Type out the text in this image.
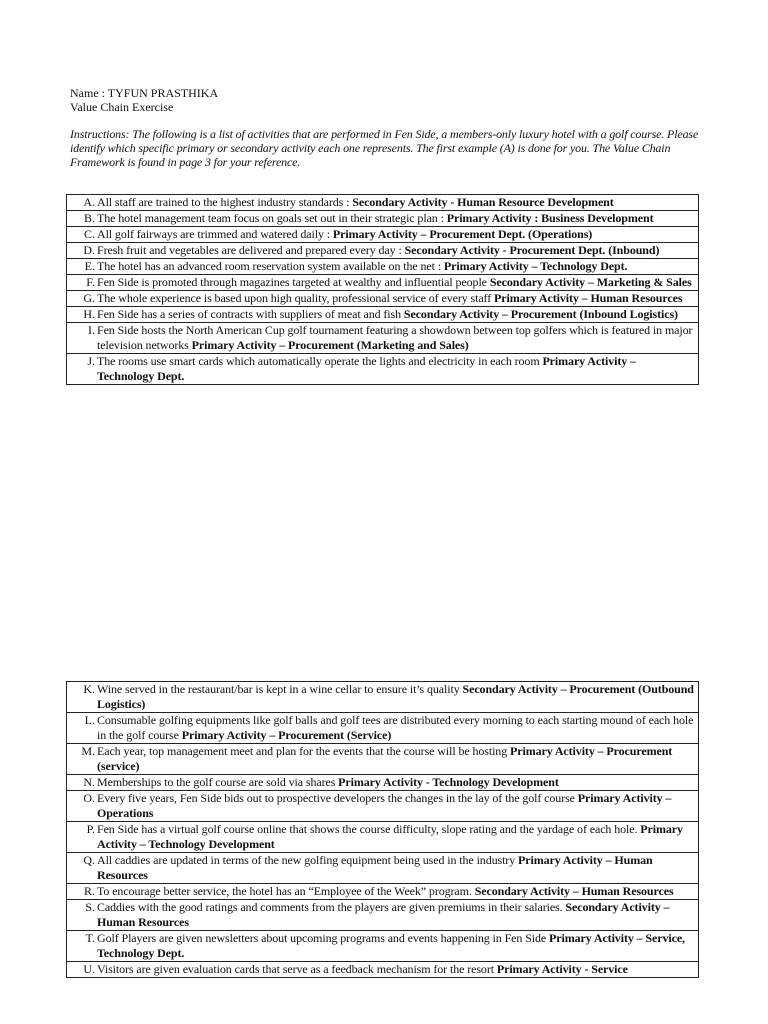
Name : TYFUN PRASTHIKA
Value Chain Exercise
Instructions: The following is a list of activities that are performed in Fen Side, a members-only luxury hotel with a golf course. Please identify which specific primary or secondary activity each one represents. The first example (A) is done for you. The Value Chain Framework is found in page 3 for your reference.
A. All staff are trained to the highest industry standards : Secondary Activity - Human Resource Development

B. The hotel management team focus on goals set out in their strategic plan : Primary Activity : Business Development

C. All golf fairways are trimmed and watered daily : Primary Activity – Procurement Dept. (Operations)

D. Fresh fruit and vegetables are delivered and prepared every day : Secondary Activity - Procurement Dept. (Inbound)

E. The hotel has an advanced room reservation system available on the net : Primary Activity – Technology Dept.

F. Fen Side is promoted through magazines targeted at wealthy and influential people Secondary Activity – Marketing & Sales

G. The whole experience is based upon high quality, professional service of every staff Primary Activity – Human Resources

H. Fen Side has a series of contracts with suppliers of meat and fish Secondary Activity – Procurement (Inbound Logistics)

I. Fen Side hosts the North American Cup golf tournament featuring a showdown between top golfers which is featured in major television networks Primary Activity – Procurement (Marketing and Sales)

J. The rooms use smart cards which automatically operate the lights and electricity in each room Primary Activity – Technology Dept.
K. Wine served in the restaurant/bar is kept in a wine cellar to ensure it’s quality Secondary Activity – Procurement (Outbound Logistics)

L. Consumable golfing equipments like golf balls and golf tees are distributed every morning to each starting mound of each hole in the golf course Primary Activity – Procurement (Service)

M. Each year, top management meet and plan for the events that the course will be hosting Primary Activity – Procurement (service)

N. Memberships to the golf course are sold via shares Primary Activity - Technology Development

O. Every five years, Fen Side bids out to prospective developers the changes in the lay of the golf course Primary Activity – Operations

P. Fen Side has a virtual golf course online that shows the course difficulty, slope rating and the yardage of each hole. Primary Activity – Technology Development

Q. All caddies are updated in terms of the new golfing equipment being used in the industry Primary Activity – Human Resources

R. To encourage better service, the hotel has an “Employee of the Week” program. Secondary Activity – Human Resources

S. Caddies with the good ratings and comments from the players are given premiums in their salaries. Secondary Activity – Human Resources

T. Golf Players are given newsletters about upcoming programs and events happening in Fen Side Primary Activity – Service, Technology Dept.

U. Visitors are given evaluation cards that serve as a feedback mechanism for the resort Primary Activity - Service
